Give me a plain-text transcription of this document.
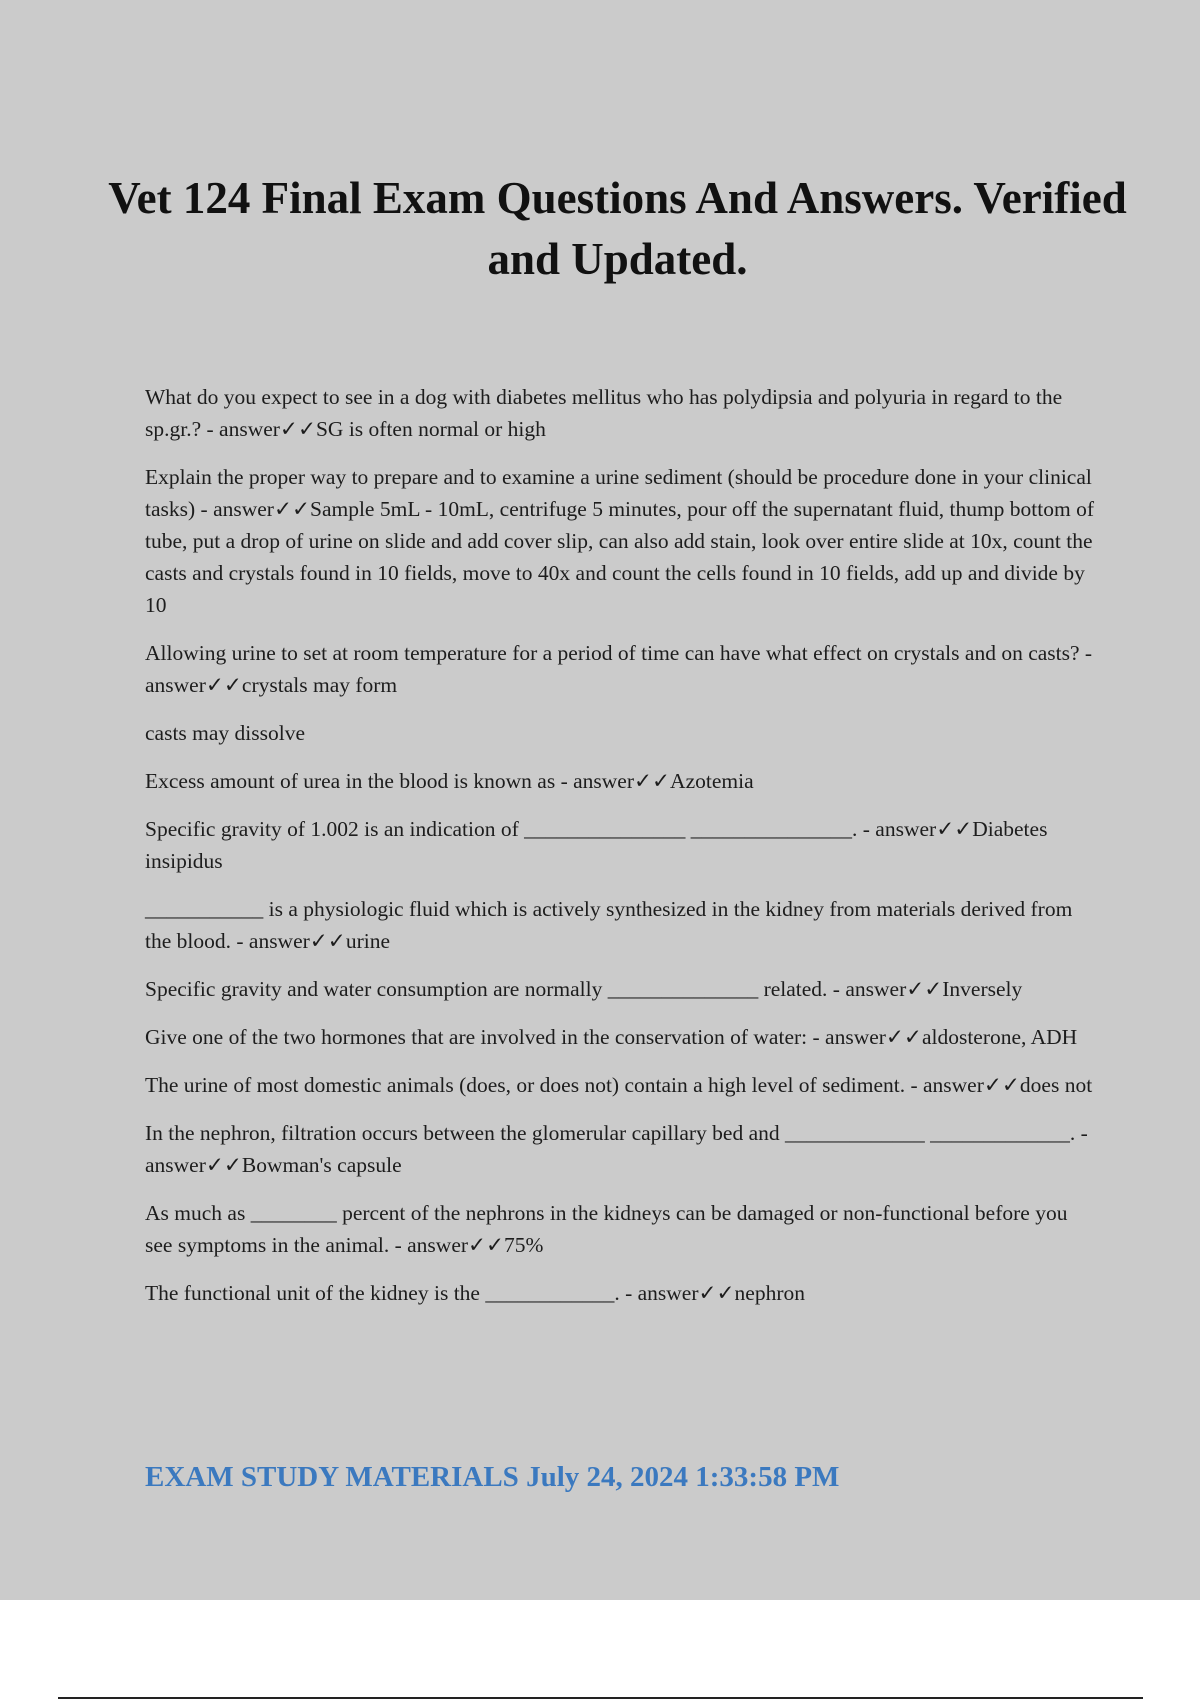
Vet 124 Final Exam Questions And Answers. Verified and Updated.

What do you expect to see in a dog with diabetes mellitus who has polydipsia and polyuria in regard to the sp.gr.? - answer✓✓SG is often normal or high

Explain the proper way to prepare and to examine a urine sediment (should be procedure done in your clinical tasks) - answer✓✓Sample 5mL - 10mL, centrifuge 5 minutes, pour off the supernatant fluid, thump bottom of tube, put a drop of urine on slide and add cover slip, can also add stain, look over entire slide at 10x, count the casts and crystals found in 10 fields, move to 40x and count the cells found in 10 fields, add up and divide by 10

Allowing urine to set at room temperature for a period of time can have what effect on crystals and on casts? - answer✓✓crystals may form

casts may dissolve

Excess amount of urea in the blood is known as - answer✓✓Azotemia

Specific gravity of 1.002 is an indication of _______________ _______________. - answer✓✓Diabetes insipidus

___________ is a physiologic fluid which is actively synthesized in the kidney from materials derived from the blood. - answer✓✓urine

Specific gravity and water consumption are normally ______________ related. - answer✓✓Inversely

Give one of the two hormones that are involved in the conservation of water: - answer✓✓aldosterone, ADH

The urine of most domestic animals (does, or does not) contain a high level of sediment. - answer✓✓does not

In the nephron, filtration occurs between the glomerular capillary bed and _____________ _____________. - answer✓✓Bowman's capsule

As much as ________ percent of the nephrons in the kidneys can be damaged or non-functional before you see symptoms in the animal. - answer✓✓75%

The functional unit of the kidney is the ____________. - answer✓✓nephron

EXAM STUDY MATERIALS July 24, 2024 1:33:58 PM
